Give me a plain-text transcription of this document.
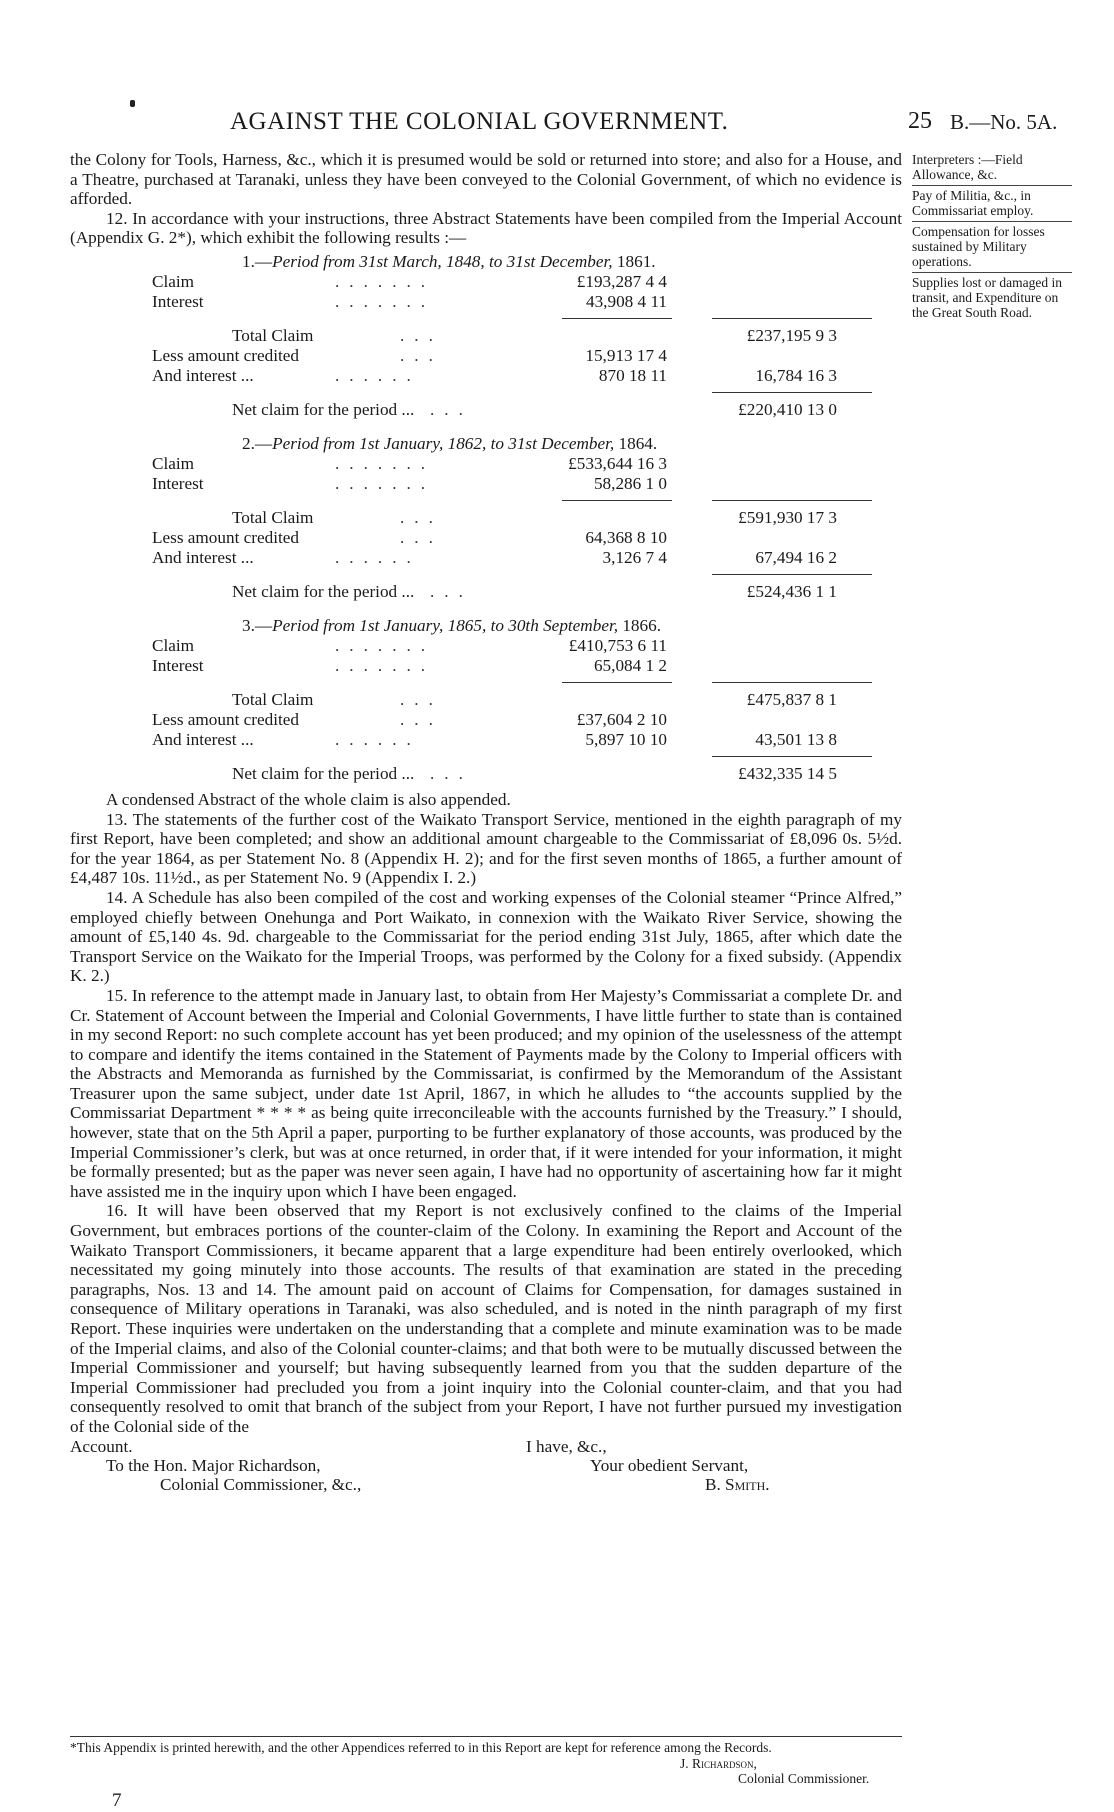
AGAINST THE COLONIAL GOVERNMENT.	25 B.—No. 5A.
Interpreters :—Field Allowance, &c.
Pay of Militia, &c., in Commissariat employ.
Compensation for losses sustained by Military operations.
Supplies lost or damaged in transit, and Expenditure on the Great South Road.

the Colony for Tools, Harness, &c., which it is presumed would be sold or returned into store; and also for a House, and a Theatre, purchased at Taranaki, unless they have been conveyed to the Colonial Government, of which no evidence is afforded.

12. In accordance with your instructions, three Abstract Statements have been compiled from the Imperial Account (Appendix G. 2*), which exhibit the following results :—

1.—Period from 31st March, 1848, to 31st December, 1861.
Claim	.......	£193,287 4 4
Interest	.......	43,908 4 11
Total Claim	...	£237,195 9 3
Less amount credited	...	15,913 17 4
And interest ...	......	870 18 11	16,784 16 3
Net claim for the period ... ...	£220,410 13 0
2.—Period from 1st January, 1862, to 31st December, 1864.
Claim	.......	£533,644 16 3
Interest	.......	58,286 1 0
Total Claim	...	£591,930 17 3
Less amount credited	...	64,368 8 10
And interest ...	......	3,126 7 4	67,494 16 2
Net claim for the period ... ...	£524,436 1 1
3.—Period from 1st January, 1865, to 30th September, 1866.
Claim	.......	£410,753 6 11
Interest	.......	65,084 1 2
Total Claim	...	£475,837 8 1
Less amount credited	...	£37,604 2 10
And interest ...	......	5,897 10 10	43,501 13 8
Net claim for the period ... ...	£432,335 14 5

A condensed Abstract of the whole claim is also appended.

13. The statements of the further cost of the Waikato Transport Service, mentioned in the eighth paragraph of my first Report, have been completed; and show an additional amount chargeable to the Commissariat of £8,096 0s. 5½d. for the year 1864, as per Statement No. 8 (Appendix H. 2); and for the first seven months of 1865, a further amount of £4,487 10s. 11½d., as per Statement No. 9 (Appendix I. 2.)

14. A Schedule has also been compiled of the cost and working expenses of the Colonial steamer “Prince Alfred,” employed chiefly between Onehunga and Port Waikato, in connexion with the Waikato River Service, showing the amount of £5,140 4s. 9d. chargeable to the Commissariat for the period ending 31st July, 1865, after which date the Transport Service on the Waikato for the Imperial Troops, was performed by the Colony for a fixed subsidy. (Appendix K. 2.)

15. In reference to the attempt made in January last, to obtain from Her Majesty’s Commissariat a complete Dr. and Cr. Statement of Account between the Imperial and Colonial Governments, I have little further to state than is contained in my second Report: no such complete account has yet been produced; and my opinion of the uselessness of the attempt to compare and identify the items contained in the Statement of Payments made by the Colony to Imperial officers with the Abstracts and Memoranda as furnished by the Commissariat, is confirmed by the Memorandum of the Assistant Treasurer upon the same subject, under date 1st April, 1867, in which he alludes to “the accounts supplied by the Commissariat Department * * * * as being quite irreconcileable with the accounts furnished by the Treasury.” I should, however, state that on the 5th April a paper, purporting to be further explanatory of those accounts, was produced by the Imperial Commissioner’s clerk, but was at once returned, in order that, if it were intended for your information, it might be formally presented; but as the paper was never seen again, I have had no opportunity of ascertaining how far it might have assisted me in the inquiry upon which I have been engaged.

16. It will have been observed that my Report is not exclusively confined to the claims of the Imperial Government, but embraces portions of the counter-claim of the Colony. In examining the Report and Account of the Waikato Transport Commissioners, it became apparent that a large expenditure had been entirely overlooked, which necessitated my going minutely into those accounts. The results of that examination are stated in the preceding paragraphs, Nos. 13 and 14. The amount paid on account of Claims for Compensation, for damages sustained in consequence of Military operations in Taranaki, was also scheduled, and is noted in the ninth paragraph of my first Report. These inquiries were undertaken on the understanding that a complete and minute examination was to be made of the Imperial claims, and also of the Colonial counter-claims; and that both were to be mutually discussed between the Imperial Commissioner and yourself; but having subsequently learned from you that the sudden departure of the Imperial Commissioner had precluded you from a joint inquiry into the Colonial counter-claim, and that you had consequently resolved to omit that branch of the subject from your Report, I have not further pursued my investigation of the Colonial side of the

Account.	I have, &c.,
To the Hon. Major Richardson,	Your obedient Servant,
Colonial Commissioner, &c.,	B. Smith.
*This Appendix is printed herewith, and the other Appendices referred to in this Report are kept for reference among the Records.
J. Richardson,
Colonial Commissioner.
7
